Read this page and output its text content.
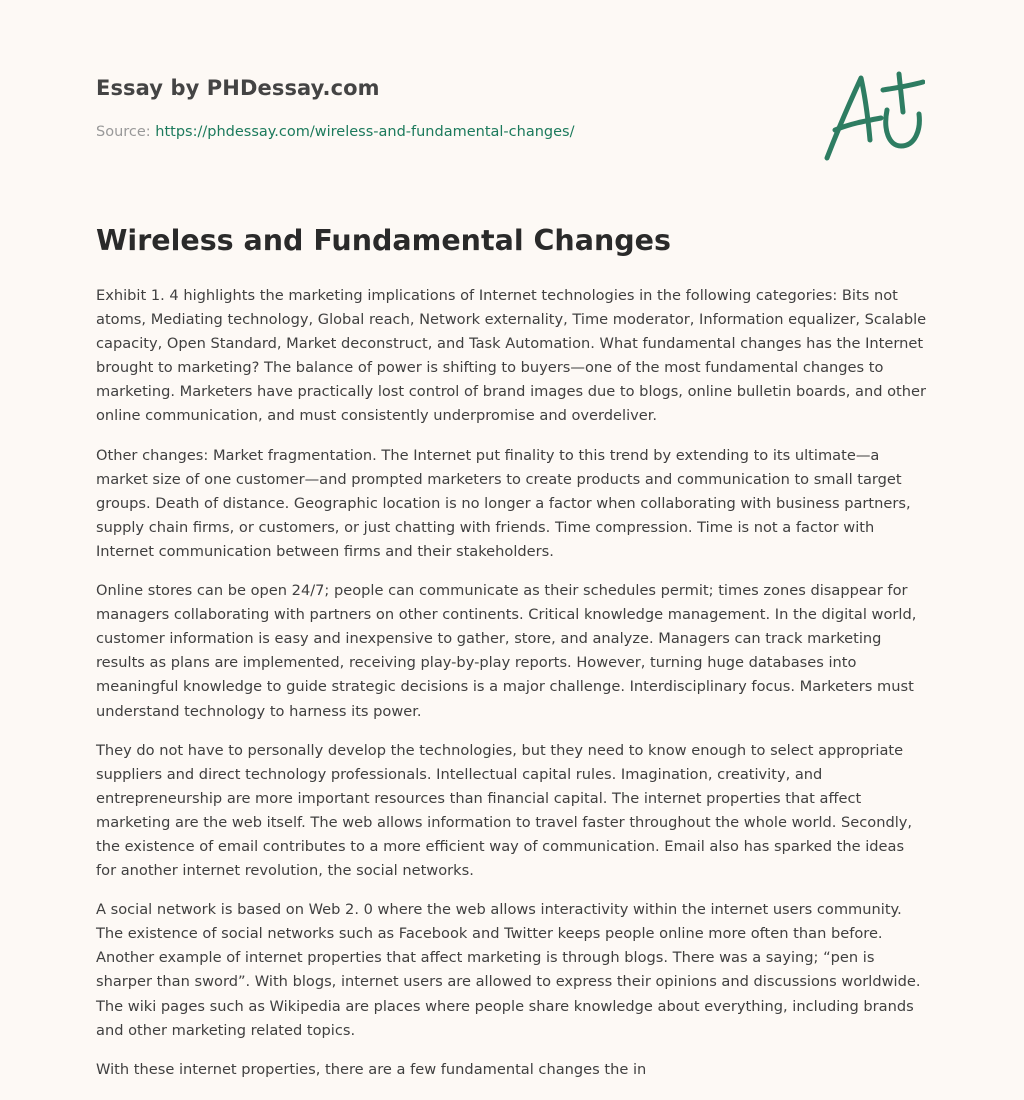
Essay by PHDessay.com
Source: https://phdessay.com/wireless-and-fundamental-changes/
Wireless and Fundamental Changes

Exhibit 1. 4 highlights the marketing implications of Internet technologies in the following categories: Bits not atoms, Mediating technology, Global reach, Network externality, Time moderator, Information equalizer, Scalable capacity, Open Standard, Market deconstruct, and Task Automation. What fundamental changes has the Internet brought to marketing? The balance of power is shifting to buyers—one of the most fundamental changes to marketing. Marketers have practically lost control of brand images due to blogs, online bulletin boards, and other online communication, and must consistently underpromise and overdeliver.

Other changes: Market fragmentation. The Internet put finality to this trend by extending to its ultimate—a market size of one customer—and prompted marketers to create products and communication to small target groups. Death of distance. Geographic location is no longer a factor when collaborating with business partners, supply chain firms, or customers, or just chatting with friends. Time compression. Time is not a factor with Internet communication between firms and their stakeholders.

Online stores can be open 24/7; people can communicate as their schedules permit; times zones disappear for managers collaborating with partners on other continents. Critical knowledge management. In the digital world, customer information is easy and inexpensive to gather, store, and analyze. Managers can track marketing results as plans are implemented, receiving play-by-play reports. However, turning huge databases into meaningful knowledge to guide strategic decisions is a major challenge. Interdisciplinary focus. Marketers must understand technology to harness its power.

They do not have to personally develop the technologies, but they need to know enough to select appropriate suppliers and direct technology professionals. Intellectual capital rules. Imagination, creativity, and entrepreneurship are more important resources than financial capital. The internet properties that affect marketing are the web itself. The web allows information to travel faster throughout the whole world. Secondly, the existence of email contributes to a more efficient way of communication. Email also has sparked the ideas for another internet revolution, the social networks.

A social network is based on Web 2. 0 where the web allows interactivity within the internet users community. The existence of social networks such as Facebook and Twitter keeps people online more often than before. Another example of internet properties that affect marketing is through blogs. There was a saying; “pen is sharper than sword”. With blogs, internet users are allowed to express their opinions and discussions worldwide. The wiki pages such as Wikipedia are places where people share knowledge about everything, including brands and other marketing related topics.

With these internet properties, there are a few fundamental changes the in
